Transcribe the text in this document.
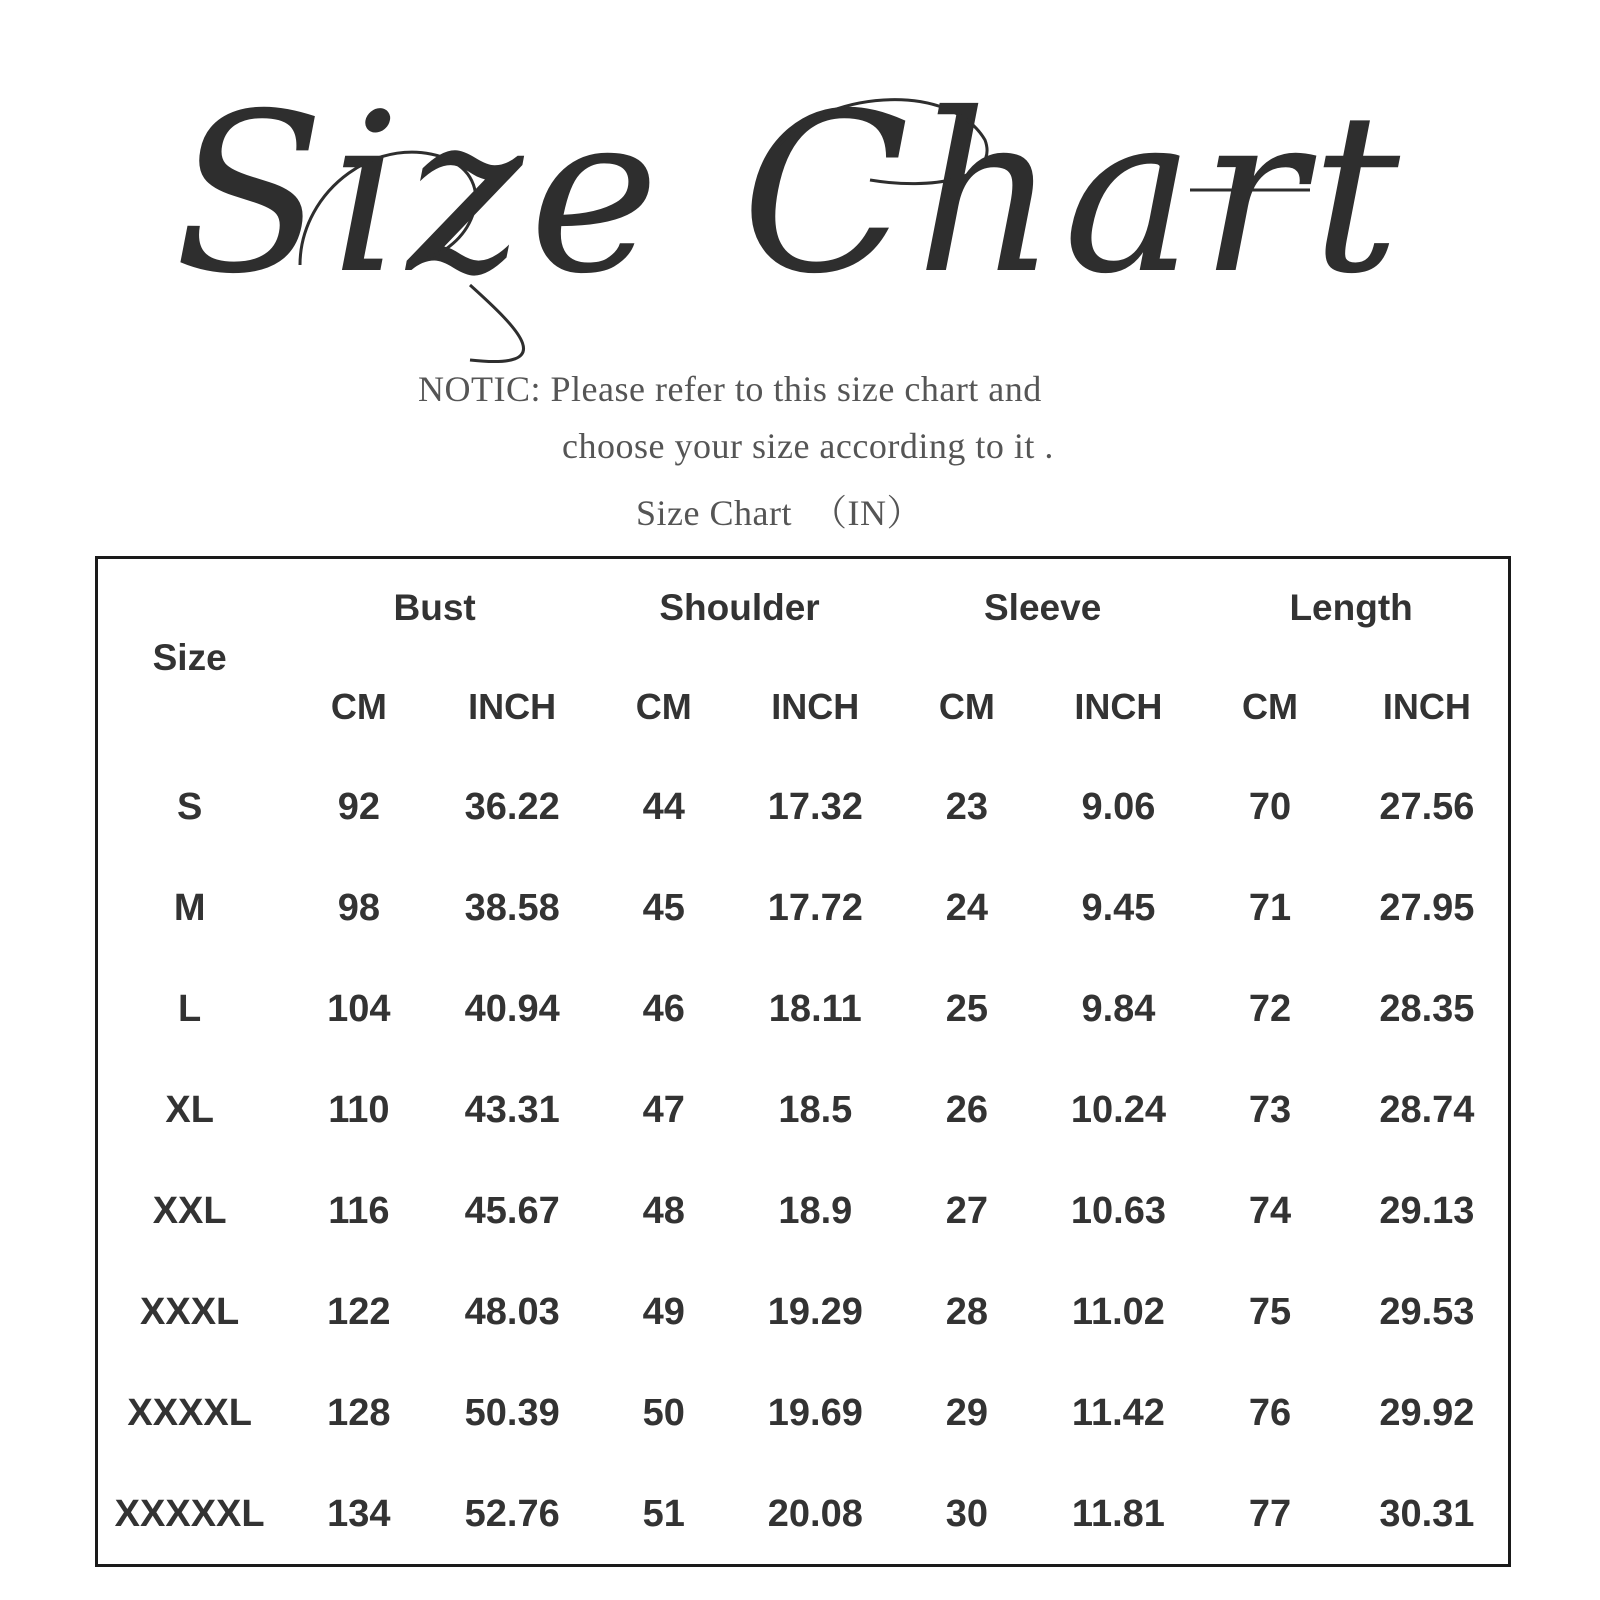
Size Chart
NOTIC: Please refer to this size chart and
choose your size according to it .
Size Chart  （IN）
Size	Bust		Shoulder		Sleeve		Length	
	CM	INCH	CM	INCH	CM	INCH	CM	INCH
S	92	36.22	44	17.32	23	9.06	70	27.56
M	98	38.58	45	17.72	24	9.45	71	27.95
L	104	40.94	46	18.11	25	9.84	72	28.35
XL	110	43.31	47	18.5	26	10.24	73	28.74
XXL	116	45.67	48	18.9	27	10.63	74	29.13
XXXL	122	48.03	49	19.29	28	11.02	75	29.53
XXXXL	128	50.39	50	19.69	29	11.42	76	29.92
XXXXXL	134	52.76	51	20.08	30	11.81	77	30.31
